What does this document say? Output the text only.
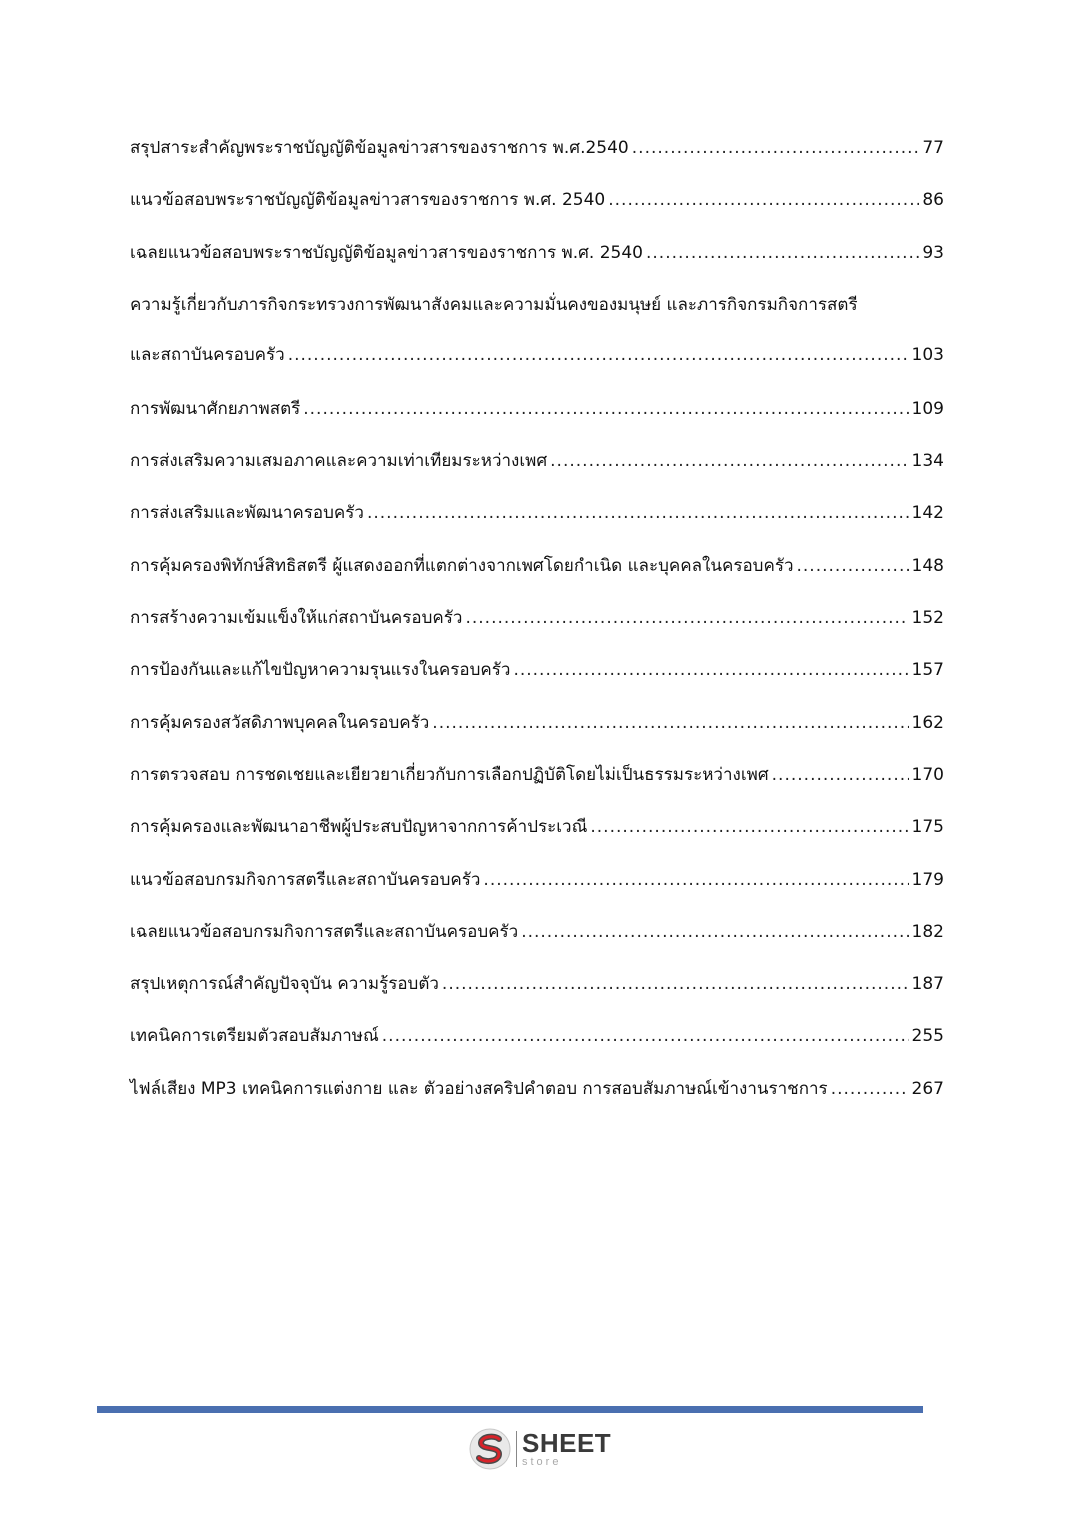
สรุปสาระสำคัญพระราชบัญญัติข้อมูลข่าวสารของราชการ พ.ศ.2540 .....	77
แนวข้อสอบพระราชบัญญัติข้อมูลข่าวสารของราชการ พ.ศ. 2540 .....	86
เฉลยแนวข้อสอบพระราชบัญญัติข้อมูลข่าวสารของราชการ พ.ศ. 2540 .....	93
ความรู้เกี่ยวกับภารกิจกระทรวงการพัฒนาสังคมและความมั่นคงของมนุษย์ และภารกิจกรมกิจการสตรี
และสถาบันครอบครัว .....	103
การพัฒนาศักยภาพสตรี .....	109
การส่งเสริมความเสมอภาคและความเท่าเทียมระหว่างเพศ .....	134
การส่งเสริมและพัฒนาครอบครัว .....	142
การคุ้มครองพิทักษ์สิทธิสตรี ผู้แสดงออกที่แตกต่างจากเพศโดยกำเนิด และบุคคลในครอบครัว .....	148
การสร้างความเข้มแข็งให้แก่สถาบันครอบครัว .....	152
การป้องกันและแก้ไขปัญหาความรุนแรงในครอบครัว .....	157
การคุ้มครองสวัสดิภาพบุคคลในครอบครัว .....	162
การตรวจสอบ การชดเชยและเยียวยาเกี่ยวกับการเลือกปฏิบัติโดยไม่เป็นธรรมระหว่างเพศ .....	170
การคุ้มครองและพัฒนาอาชีพผู้ประสบปัญหาจากการค้าประเวณี .....	175
แนวข้อสอบกรมกิจการสตรีและสถาบันครอบครัว .....	179
เฉลยแนวข้อสอบกรมกิจการสตรีและสถาบันครอบครัว .....	182
สรุปเหตุการณ์สำคัญปัจจุบัน ความรู้รอบตัว .....	187
เทคนิคการเตรียมตัวสอบสัมภาษณ์ .....	255
ไฟล์เสียง MP3 เทคนิคการแต่งกาย และ ตัวอย่างสคริปคำตอบ การสอบสัมภาษณ์เข้างานราชการ .....	267
SHEET
store
